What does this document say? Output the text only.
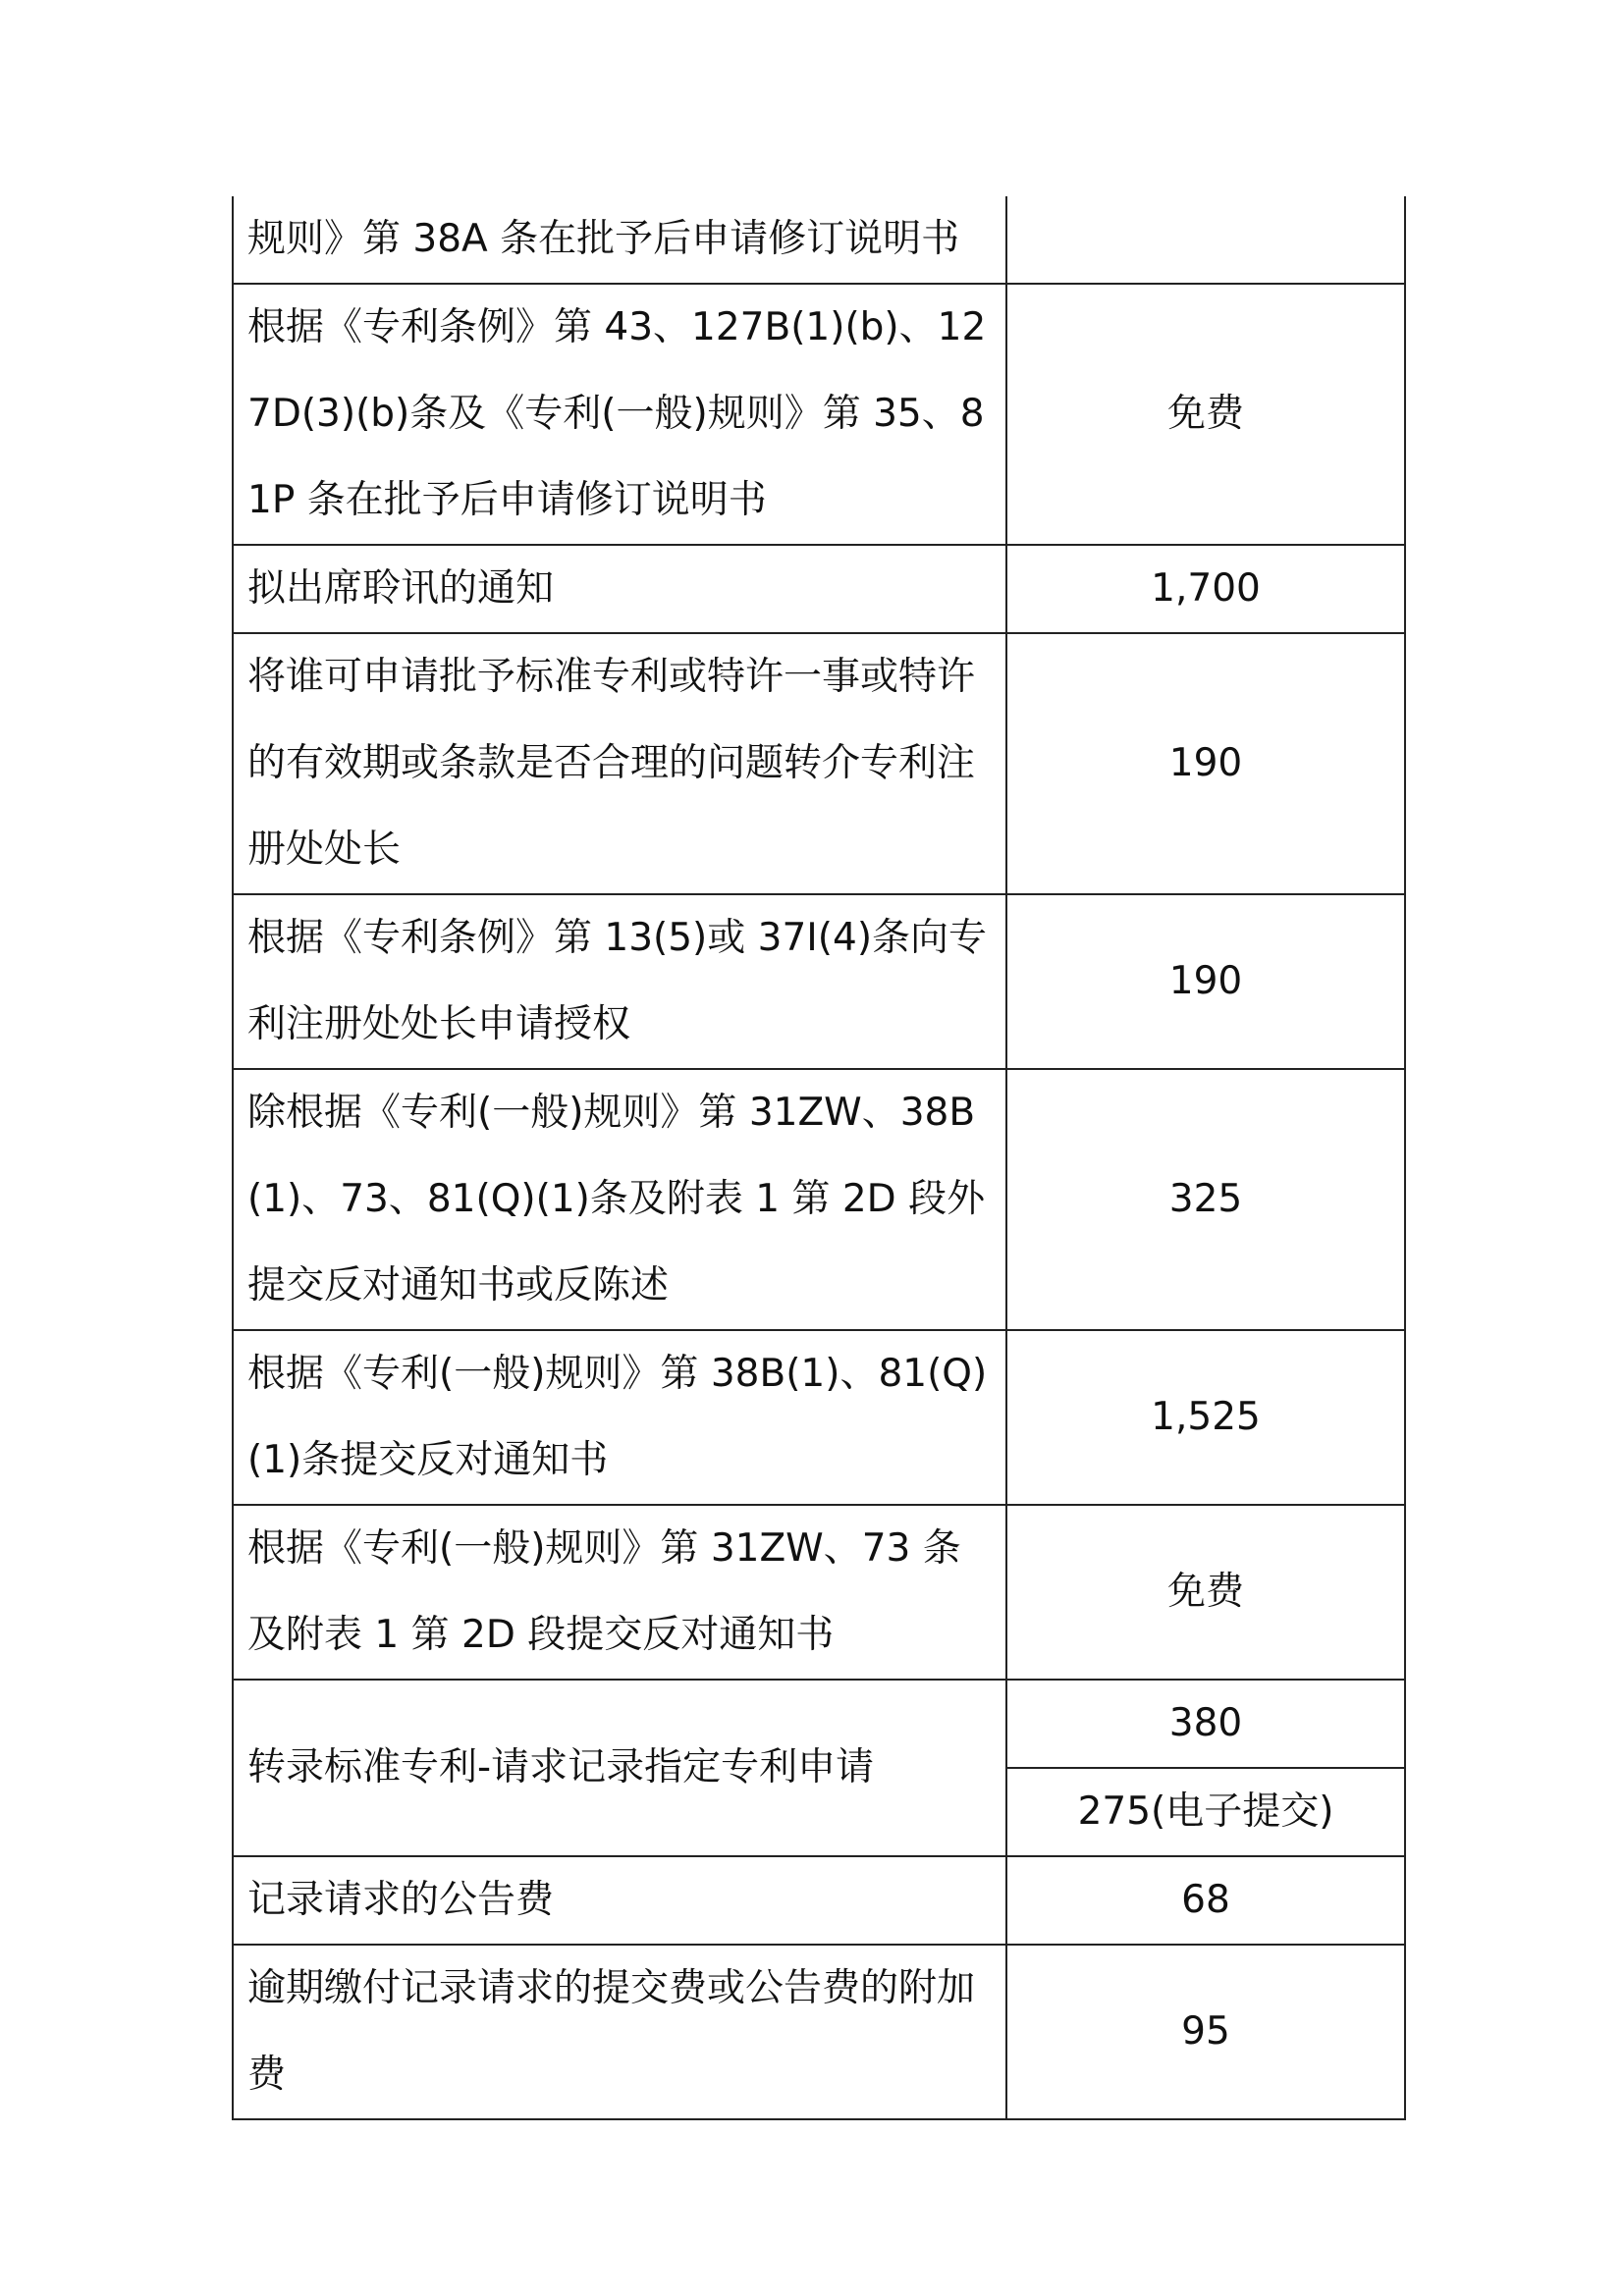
规则》第 38A 条在批予后申请修订说明书	
根据《专利条例》第 43、127B(1)(b)、127D(3)(b)条及《专利(一般)规则》第 35、81P 条在批予后申请修订说明书	免费
拟出席聆讯的通知	1,700
将谁可申请批予标准专利或特许一事或特许的有效期或条款是否合理的问题转介专利注册处处长	190
根据《专利条例》第 13(5)或 37I(4)条向专利注册处处长申请授权	190
除根据《专利(一般)规则》第 31ZW、38B(1)、73、81(Q)(1)条及附表 1 第 2D 段外提交反对通知书或反陈述	325
根据《专利(一般)规则》第 38B(1)、81(Q)(1)条提交反对通知书	1,525
根据《专利(一般)规则》第 31ZW、73 条及附表 1 第 2D 段提交反对通知书	免费
转录标准专利-请求记录指定专利申请	380
	275(电子提交)
记录请求的公告费	68
逾期缴付记录请求的提交费或公告费的附加费	95
